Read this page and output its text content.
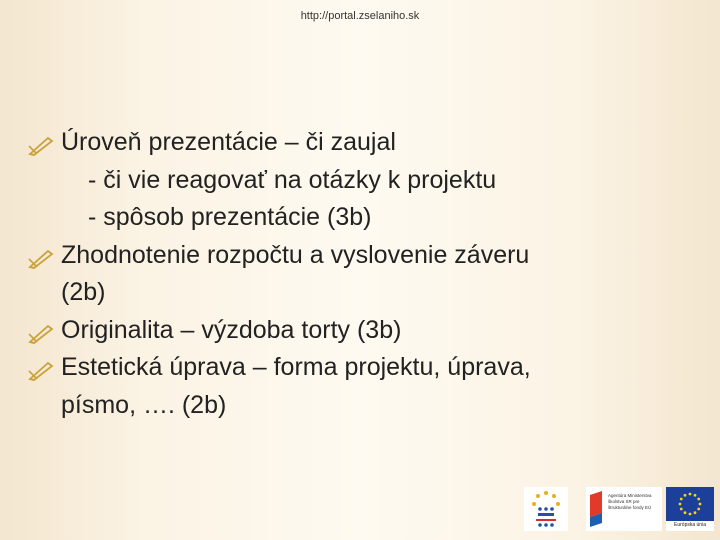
http://portal.zselaniho.sk
Úroveň prezentácie – či zaujal
- či vie reagovať na otázky k projektu
- spôsob prezentácie (3b)
Zhodnotenie rozpočtu a vyslovenie záveru
(2b)
Originalita – výzdoba torty (3b)
Estetická úprava – forma projektu, úprava,
písmo, …. (2b)
Agentúra Ministerstva školstva SR pre štrukturálne fondy EÚ
Európska únia
